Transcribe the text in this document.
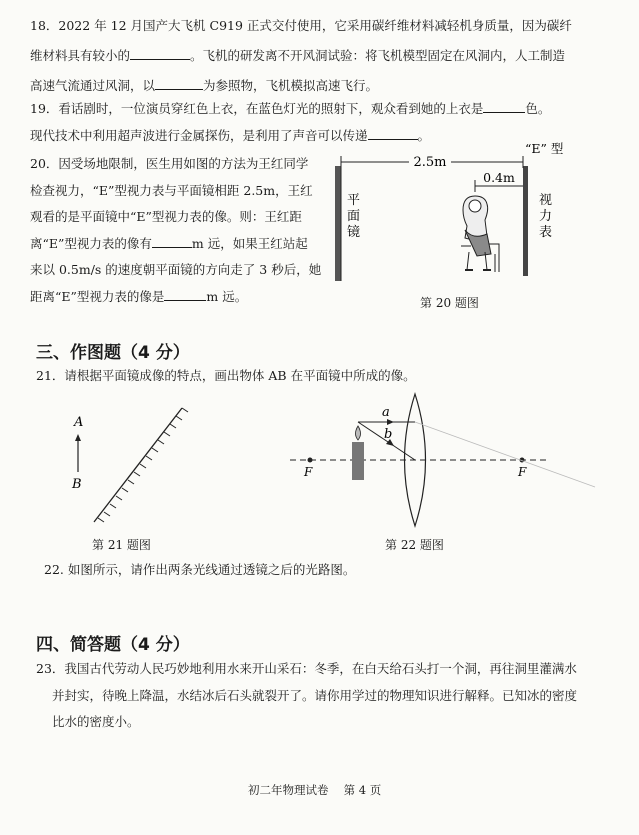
18．2022 年 12 月国产大飞机 C919 正式交付使用，它采用碳纤维材料减轻机身质量，因为碳纤
维材料具有较小的	。飞机的研发离不开风洞试验：将飞机模型固定在风洞内，人工制造
高速气流通过风洞，以	为参照物，飞机模拟高速飞行。
19．看话剧时，一位演员穿红色上衣，在蓝色灯光的照射下，观众看到她的上衣是	色。
现代技术中利用超声波进行金属探伤，是利用了声音可以传递	。
20．因受场地限制，医生用如图的方法为王红同学
检查视力，“E”型视力表与平面镜相距 2.5m，王红
观看的是平面镜中“E”型视力表的像。则：王红距
离“E”型视力表的像有	m 远，如果王红站起
来以 0.5m/s 的速度朝平面镜的方向走了 3 秒后，她
距离“E”型视力表的像是	m 远。
2.5m
0.4m
“E” 型
平
面
镜
视
力
表
第 20 题图
三、作图题（4 分）
21．请根据平面镜成像的特点，画出物体 AB 在平面镜中所成的像。
A
B
第 21 题图
F	F
a
b
第 22 题图
22. 如图所示，请作出两条光线通过透镜之后的光路图。
四、简答题（4 分）
23．我国古代劳动人民巧妙地利用水来开山采石：冬季，在白天给石头打一个洞，再往洞里灌满水
并封实，待晚上降温，水结冰后石头就裂开了。请你用学过的物理知识进行解释。已知冰的密度
比水的密度小。
初二年物理试卷　 第 4 页
